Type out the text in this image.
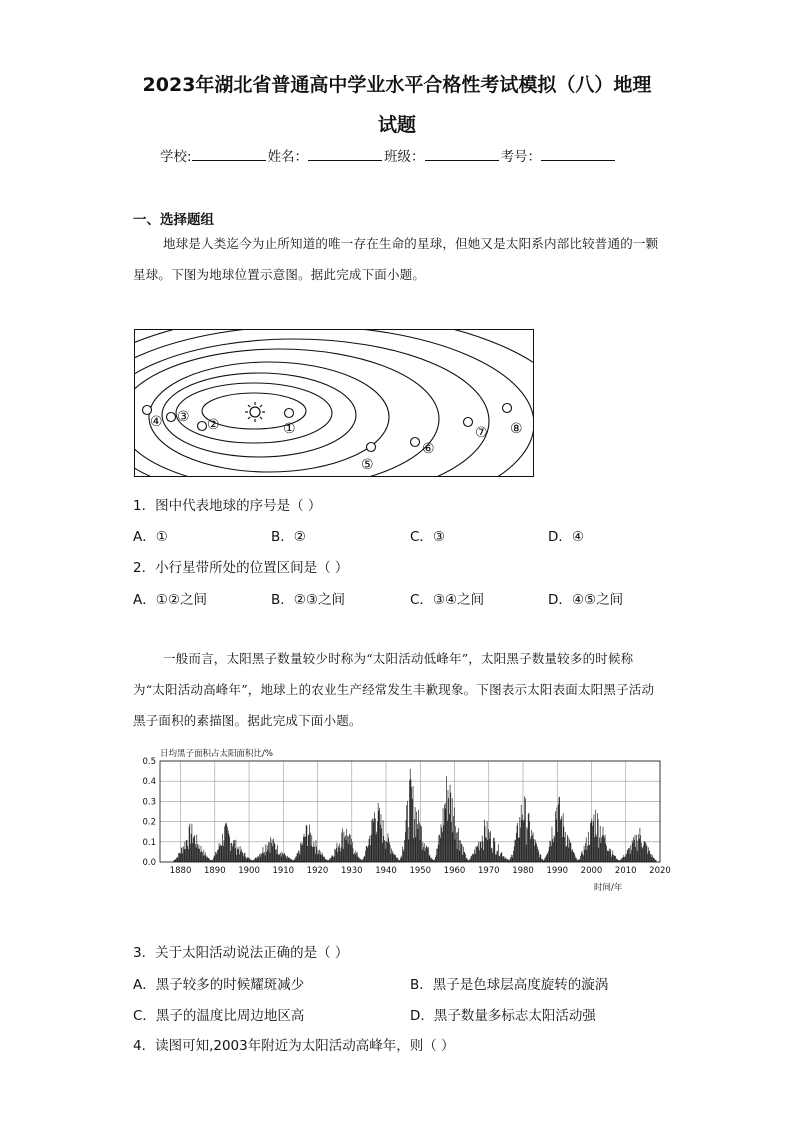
2023年湖北省普通高中学业水平合格性考试模拟（八）地理
试题
学校:	姓名：	班级：	考号：
一、选择题组
地球是人类迄今为止所知道的唯一存在生命的星球，但她又是太阳系内部比较普通的一颗星球。下图为地球位置示意图。据此完成下面小题。
①
②
③
④
⑤
⑥
⑦ ⑧
1．图中代表地球的序号是（ ）
A．①	B．②	C．③	D．④
2．小行星带所处的位置区间是（ ）
A．①②之间	B．②③之间	C．③④之间	D．④⑤之间
一般而言，太阳黑子数量较少时称为“太阳活动低峰年”，太阳黑子数量较多的时候称为“太阳活动高峰年”，地球上的农业生产经常发生丰歉现象。下图表示太阳表面太阳黑子活动黑子面积的素描图。据此完成下面小题。
日均黑子面积占太阳面积比/%
时间/年
0.0
0.1
0.2
0.3
0.4
0.5
1880 1890 1900 1910 1920 1930 1940 1950 1960 1970 1980 1990 2000 2010 2020
3．关于太阳活动说法正确的是（ ）
A．黑子较多的时候耀斑减少	B．黑子是色球层高度旋转的漩涡
C．黑子的温度比周边地区高	D．黑子数量多标志太阳活动强
4．读图可知,2003年附近为太阳活动高峰年，则（ ）
